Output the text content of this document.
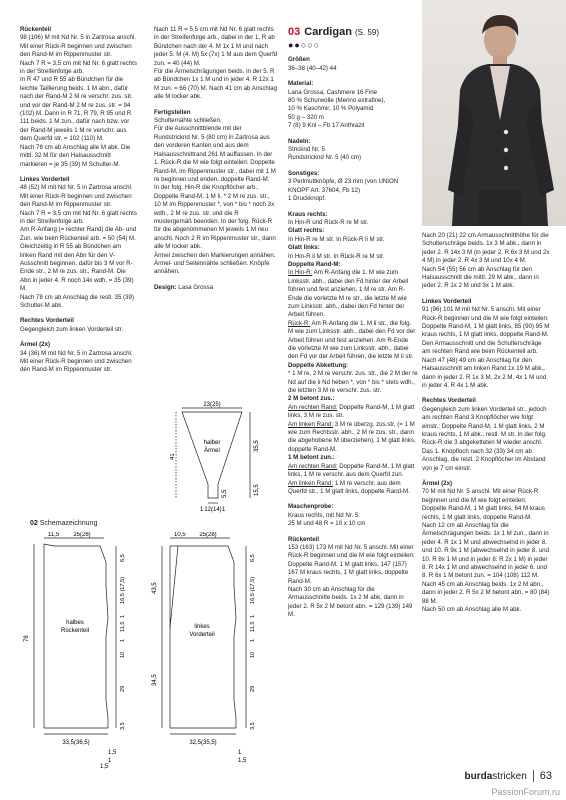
Rückenteil

98 (106) M mit Nd Nr. 5 in Zartrosa anschl. Mit einer Rück-R beginnen und zwischen den Rand-M im Rippenmuster str.
Nach 7 R = 3,5 cm mit Nd Nr. 6 glatt rechts in der Streifenfolge arb.
In R 47 und R 55 ab Bündchen für die leichte Taillierung beids. 1 M abn., dafür nach der Rand-M 2 M re verschr. zus. str. und vor der Rand-M 2 M re zus. str. = 94 (102) M. Dann in R 71, R 79, R 95 und R 111 beids. 1 M zun., dafür nach bzw. vor der Rand-M jeweils 1 M re verschr. aus dem Querfd str. = 102 (110) M.
Nach 78 cm ab Anschlag alle M abk. Die mittl. 32 M für den Halsausschnitt markieren = je 35 (39) M Schulter-M.

Linkes Vorderteil

48 (52) M mit Nd Nr. 5 in Zartrosa anschl. Mit einer Rück-R beginnen und zwischen den Rand-M im Rippenmuster str.
Nach 7 R = 3,5 cm mit Nd Nr. 6 glatt rechts in der Streifenfolge arb.
Am R-Anfang (= rechter Rand) die Ab- und Zun. wie beim Rückenteil arb. = 50 (54) M.
Gleichzeitig in R 55 ab Bündchen am linken Rand mit den Abn für den V-Ausschnitt beginnen, dafür bis 3 M vor R-Ende str., 2 M re zus. str., Rand-M. Die Abn in jeder 4. R noch 14x wdh. = 35 (39) M.
Nach 78 cm ab Anschlag die restl. 35 (39) Schulter-M abk.

Rechtes Vorderteil

Gegengleich zum linken Vorderteil str.

Ärmel (2x)

34 (36) M mit Nd Nr. 5 in Zartrosa anschl. Mit einer Rück-R beginnen und zwischen den Rand-M im Rippenmuster str.

Nach 11 R = 5,5 cm mit Nd Nr. 6 glatt rechts in der Streifenfolge arb., dabei in der 1. R ab Bündchen nach der 4. M 1x 1 M und nach jeder 5. M (4. M) 5x (7x) 1 M aus dem Querfd zun. = 40 (44) M.
Für die Ärmelschrägungen beids. in der 5. R ab Bündchen 1x 1 M und in jeder 4. R 12x 1 M zun. = 66 (70) M. Nach 41 cm ab Anschlag alle M locker abk.

Fertigstellen

Schulternähte schließen.
Für die Ausschnittblende mit der Rundstricknd Nr. 5 (80 cm) in Zartrosa aus den vorderen Kanten und aus dem Halsausschnittrand 261 M auffassen. In der 1. Rück-R die M wie folgt einteilen: Doppelte Rand-M, im Rippenmuster str., dabei mit 1 M re beginnen und enden, doppelte Rand-M.
In der folg. Hin-R die Knopflöcher arb.: Doppelte Rand-M, 1 M li, * 2 M re zus. str., 10 M im Rippenmuster *, von * bis * noch 3x wdh., 2 M re zus. str. und die R mustergemäß beenden. In der folg. Rück-R für die abgenommenen M jeweils 1 M neu anschl. Noch 2 R im Rippenmuster str., dann alle M locker abk.
Ärmel zwischen den Markierungen annähen. Ärmel- und Seitennähte schließen. Knöpfe annähen.

Design: Lasa Grossa

03 Cardigan (S. 59)
●●○○○
Größen

36–38 (40–42) 44

Material:

Lana Grossa, Cashmere 16 Fine
80 % Schurwolle (Merino extrafine),
10 % Kaschmir, 10 % Polyamid
50 g – 320 m
7 (8) 9 Knl – Fb 17 Anthrazit

Nadeln:

Stricknd Nr. 5
Rundstricknd Nr. 5 (40 cm)

Sonstiges:

3 Perlmuttknöpfe, Ø 23 mm (von UNION KNOPF Art. 37604, Fb 12)
1 Druckknopf.

Kraus rechts:

In Hin-R und Rück-R re M str.

Glatt rechts:

In Hin-R re M str. In Rück-R li M str.

Glatt links:

In Hin-R li M str. In Rück-R re M str.

Doppelte Rand-M:

In Hin-R: Am R-Anfang die 1. M wie zum Linksstr. abh., dabei den Fd hinter der Arbeit führen und fest anziehen, 1 M re str. Am R-Ende die vorletzte M re str., die letzte M wie zum Linksstr. abh., dabei den Fd hinter der Arbeit führen.

Rück-R: Am R-Anfang die 1. M li str., die folg. M wie zum Linksstr. abh., dabei den Fd vor der Arbeit führen und fest anziehen. Am R-Ende die vorletzte M wie zum Linksstr. abh., dabei den Fd vor der Arbeit führen, die letzte M li str.

Doppelte Abkettung:

* 1 M re, 2 M re verschr. zus. str., die 2 M der re Nd auf die li Nd heben *, von * bis * stets wdh., die letzten 3 M re verschr. zus. str.

2 M betont zus.:

Am rechten Rand: Doppelte Rand-M, 1 M glatt links, 3 M re zus. str.

Am linken Rand: 3 M re überzg. zus.str. (= 1 M wie zum Rechtsstr. abh., 2 M re zus. str., dann die abgehobene M überziehen), 1 M glatt links, doppelte Rand-M.

1 M betont zun.:

Am rechten Rand: Doppelte Rand-M, 1 M glatt links, 1 M re verschr. aus dem Querfd zun.

Am linken Rand: 1 M re verschr. aus dem Querfd str., 1 M glatt links, doppelte Rand-M.

Maschenprobe:

Kraus rechts, mit Nd Nr. 5:
25 M und 48 R = 10 x 10 cm

Rückenteil

153 (163) 173 M mit Nd Nr. 5 anschl. Mit einer Rück-R beginnen und die M wie folgt einteilen: Doppelte Rand-M, 1 M glatt links, 147 (157) 167 M kraus rechts, 1 M glatt links, doppelte Rand-M.
Nach 30 cm ab Anschlag für die Armausschnitte beids. 1x 2 M abk, dann in jeder 2. R 5x 2 M betont abn. = 129 (139) 149 M.

Nach 20 (21) 22 cm Armausschnitthöhe für die Schulterschräge beids. 1x 3 M abk., dann in jeder 2. R 14x 3 M (in jeder 2. R 6x 3 M und 2x 4 M) in jeder 2. R 4x 3 M und 10x 4 M.
Nach 54 (55) 56 cm ab Anschlag für den Halsausschnitt die mittl. 29 M abk., dann in jeder 2. R 1x 2 M und 3x 1 M abk.

Linkes Vorderteil

91 (96) 101 M mit Nd Nr. 5 anschl. Mit einer Rück-R beginnen und die M wie folgt einteilen: Doppelte Rand-M, 1 M glatt links, 85 (90) 95 M kraus rechts, 1 M glatt links, doppelte Rand-M. Den Armausschnitt und die Schulterschräge am rechten Rand wie beim Rückenteil arb.
Nach 47 (48) 49 cm ab Anschlag für den Halsausschnitt am linken Rand 1x 19 M abk., dann in jeder 2. R 1x 3 M, 2x 2 M, 4x 1 M und in jeder 4. R 4x 1 M abk.

Rechtes Vorderteil

Gegengleich zum linken Vorderteil str., jedoch am rechten Rand 3 Knopflöcher wie folgt einstr.: Doppelte Rand-M, 1 M glatt links, 2 M kraus rechts, 1 M abk., restl. M str. In der folg. Rück-R die 3 abgeketteten M wieder anschl. Das 1. Knopfloch nach 32 (33) 34 cm ab Anschlag, die restl. 2 Knopflöcher im Abstand von je 7 cm einstr.

Ärmel (2x)

70 M mit Nd Nr. 5 anschl. Mit einer Rück-R beginnen und die M wie folgt einteilen: Doppelte Rand-M, 1 M glatt links, 64 M kraus rechts, 1 M glatt links, doppelte Rand-M.
Nach 12 cm ab Anschlag für die Ärmelschrägungen beids. 1x 1 M zun., dann in jeder 4. R 1x 1 M und abwechselnd in jeder 8. und 10. R 9x 1 M (abwechselnd in jeder 8. und 10. R 8x 1 M und in jeder 8. R 2x 1 M) in jeder 8. R 14x 1 M und abwechselnd in jeder 6. und 8. R 6x 1 M betont zun. = 104 (108) 112 M.
Nach 45 cm ab Anschlag beids. 1x 2 M abn., dann in jeder 2. R 5x 2 M betont abn. = 80 (84) 88 M.
Nach 50 cm ab Anschlag alle M abk.

02 Schemazeichnung
23(25)
halber
Ärmel
41
35,5
15,5
5,5
1 12(14) 1
11,5 25(28)
halbes
Rückenteil
78
6,5
16,5 (17,5)
1
11,5
1
10
29
3,5
1,5
33,5(36,5)
1,5
1
10,5 25(28)
linkes
Vorderteil
43,5
34,5
6,5
16,5 (17,5)
1
11,5
1
10
29
3,5
32,5(35,5)
1
1,5
burdastricken 63
PassionForum.ru
